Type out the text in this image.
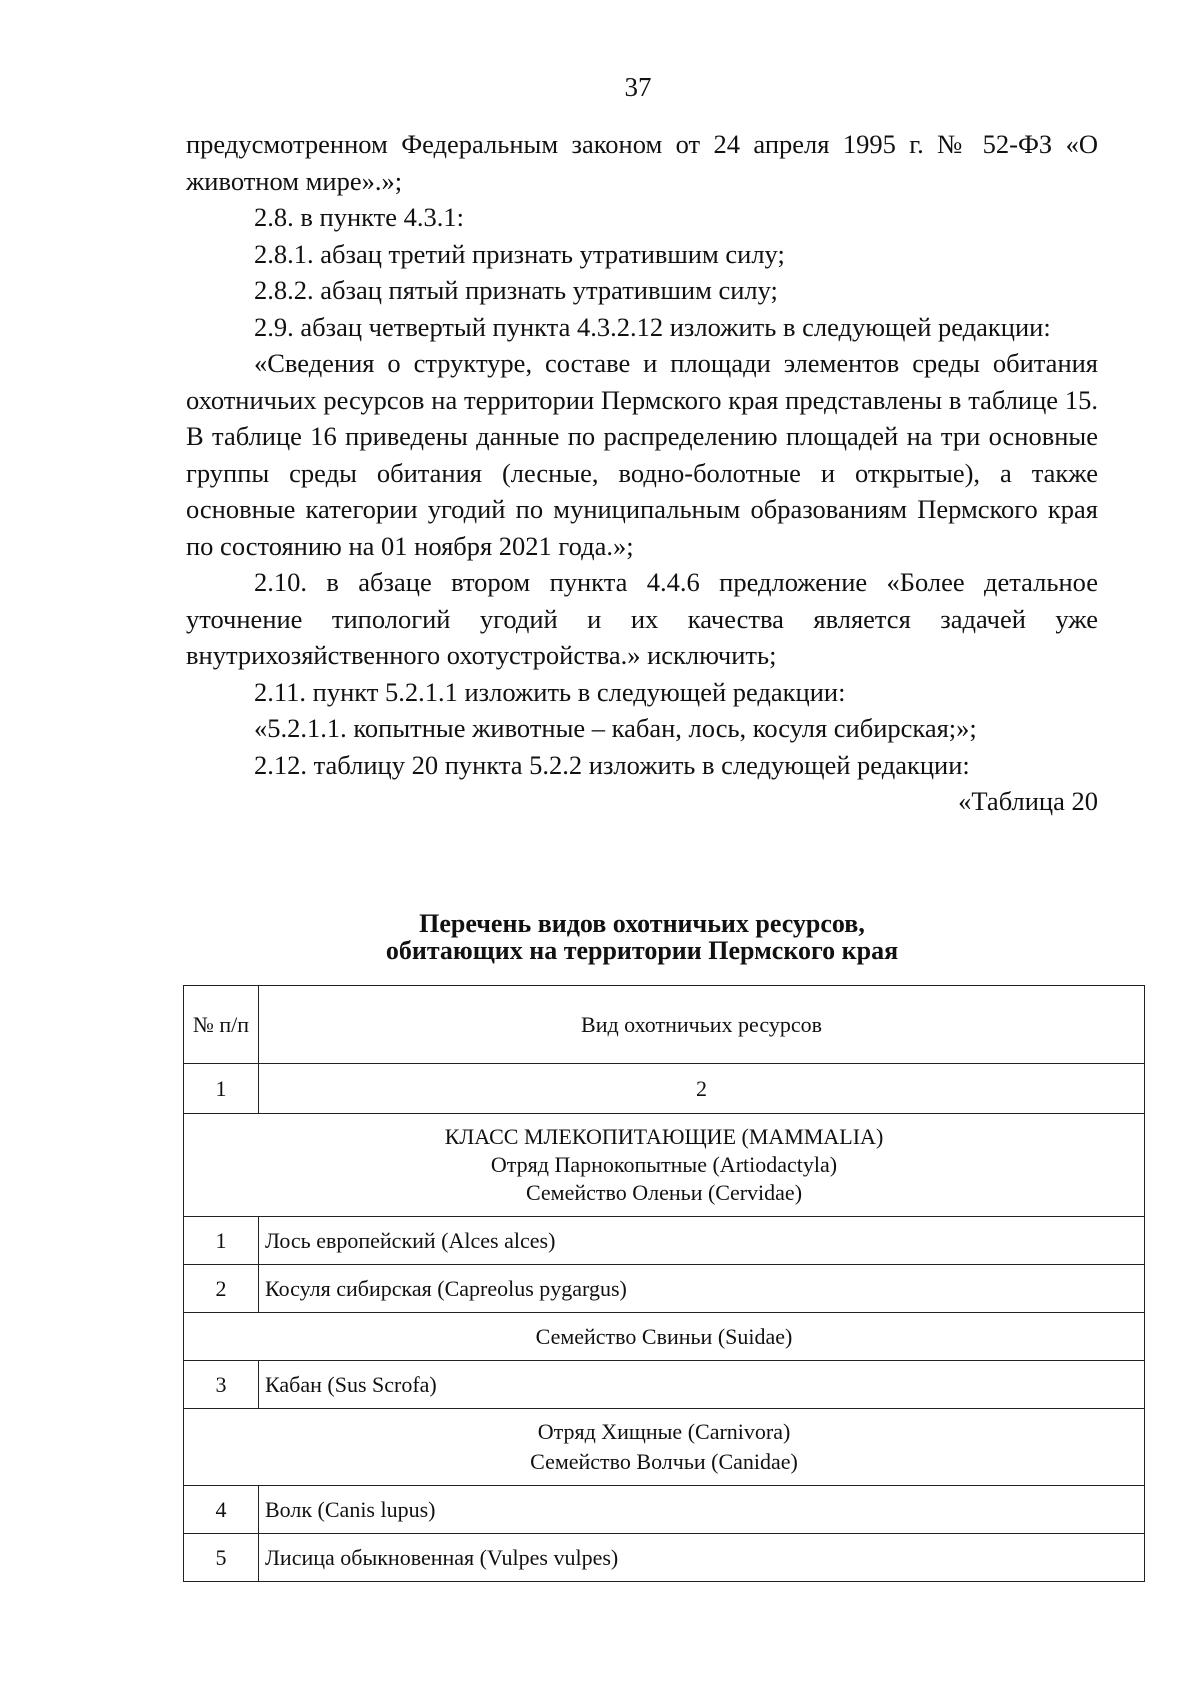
37

предусмотренном Федеральным законом от 24 апреля 1995 г. № 52-ФЗ «О животном мире».»;

2.8. в пункте 4.3.1:

2.8.1. абзац третий признать утратившим силу;

2.8.2. абзац пятый признать утратившим силу;

2.9. абзац четвертый пункта 4.3.2.12 изложить в следующей редакции:

«Сведения о структуре, составе и площади элементов среды обитания охотничьих ресурсов на территории Пермского края представлены в таблице 15. В таблице 16 приведены данные по распределению площадей на три основные группы среды обитания (лесные, водно-болотные и открытые), а также основные категории угодий по муниципальным образованиям Пермского края по состоянию на 01 ноября 2021 года.»;

2.10. в абзаце втором пункта 4.4.6 предложение «Более детальное уточнение типологий угодий и их качества является задачей уже внутрихозяйственного охотустройства.» исключить;

2.11. пункт 5.2.1.1 изложить в следующей редакции:

«5.2.1.1. копытные животные – кабан, лось, косуля сибирская;»;

2.12. таблицу 20 пункта 5.2.2 изложить в следующей редакции:

«Таблица 20

Перечень видов охотничьих ресурсов,
обитающих на территории Пермского края
№ п/п	Вид охотничьих ресурсов
1	2

КЛАСС МЛЕКОПИТАЮЩИЕ (MAMMALIA)
Отряд Парнокопытные (Artiodactyla)
Семейство Оленьи (Cervidae)	

1	Лось европейский (Alces alces)
2	Косуля сибирская (Capreolus pygargus)
Семейство Свиньи (Suidae)	
3	Кабан (Sus Scrofa)

Отряд Хищные (Carnivora)
Семейство Волчьи (Canidae)	

4	Волк (Canis lupus)
5	Лисица обыкновенная (Vulpes vulpes)
